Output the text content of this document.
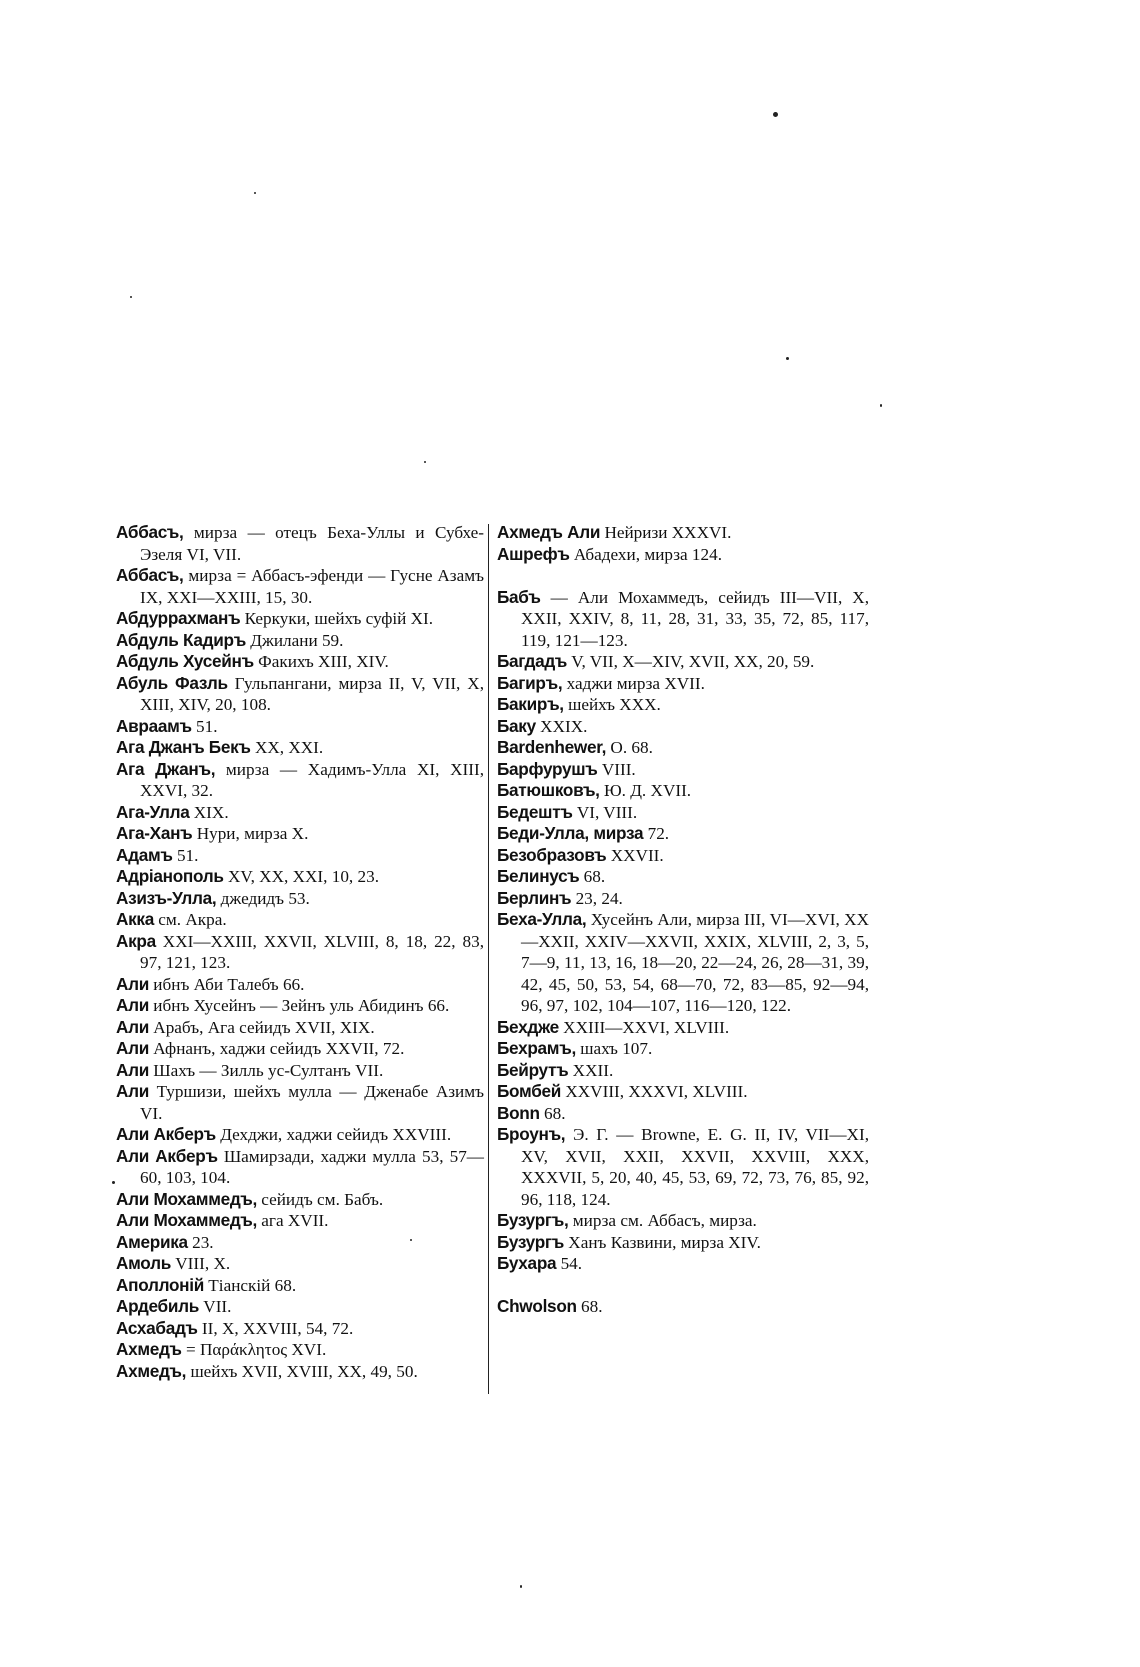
Аббасъ, мирза — отецъ Беха-Уллы и Субхе-Эзеля VI, VII.

Аббасъ, мирза = Аббасъ-эфенди — Гусне Азамъ IX, XXI—XXIII, 15, 30.

Абдуррахманъ Керкуки, шейхъ суфій XI.

Абдуль Кадиръ Джилани 59.

Абдуль Хусейнъ Факихъ XIII, XIV.

Абуль Фазль Гульпангани, мирза II, V, VII, X, XIII, XIV, 20, 108.

Авраамъ 51.

Ага Джанъ Бекъ XX, XXI.

Ага Джанъ, мирза — Хадимъ-Улла XI, XIII, XXVI, 32.

Ага-Улла XIX.

Ага-Ханъ Нури, мирза X.

Адамъ 51.

Адріанополь XV, XX, XXI, 10, 23.

Азизъ-Улла, джедидъ 53.

Акка см. Акра.

Акра XXI—XXIII, XXVII, XLVIII, 8, 18, 22, 83, 97, 121, 123.

Али ибнъ Аби Талебъ 66.

Али ибнъ Хусейнъ — Зейнъ уль Абидинъ 66.

Али Арабъ, Ага сейидъ XVII, XIX.

Али Афнанъ, хаджи сейидъ XXVII, 72.

Али Шахъ — Зилль ус-Султанъ VII.

Али Туршизи, шейхъ мулла — Дженабе Азимъ VI.

Али Акберъ Дехджи, хаджи сейидъ XXVIII.

Али Акберъ Шамирзади, хаджи мулла 53, 57—60, 103, 104.

Али Мохаммедъ, сейидъ см. Бабъ.

Али Мохаммедъ, ага XVII.

Америка 23.

Амоль VIII, X.

Аполлоній Тіанскій 68.

Ардебиль VII.

Асхабадъ II, X, XXVIII, 54, 72.

Ахмедъ = Παράκλητος XVI.

Ахмедъ, шейхъ XVII, XVIII, XX, 49, 50.

Ахмедъ Али Нейризи XXXVI.

Ашрефъ Абадехи, мирза 124.

Бабъ — Али Мохаммедъ, сейидъ III—VII, X, XXII, XXIV, 8, 11, 28, 31, 33, 35, 72, 85, 117, 119, 121—123.

Багдадъ V, VII, X—XIV, XVII, XX, 20, 59.

Багиръ, хаджи мирза XVII.

Бакиръ, шейхъ XXX.

Баку XXIX.

Bardenhewer, O. 68.

Барфурушъ VIII.

Батюшковъ, Ю. Д. XVII.

Бедештъ VI, VIII.

Беди-Улла, мирза 72.

Безобразовъ XXVII.

Белинусъ 68.

Берлинъ 23, 24.

Беха-Улла, Хусейнъ Али, мирза III, VI—XVI, XX—XXII, XXIV—XXVII, XXIX, XLVIII, 2, 3, 5, 7—9, 11, 13, 16, 18—20, 22—24, 26, 28—31, 39, 42, 45, 50, 53, 54, 68—70, 72, 83—85, 92—94, 96, 97, 102, 104—107, 116—120, 122.

Бехдже XXIII—XXVI, XLVIII.

Бехрамъ, шахъ 107.

Бейрутъ XXII.

Бомбей XXVIII, XXXVI, XLVIII.

Bonn 68.

Броунъ, Э. Г. — Browne, E. G. II, IV, VII—XI, XV, XVII, XXII, XXVII, XXVIII, XXX, XXXVII, 5, 20, 40, 45, 53, 69, 72, 73, 76, 85, 92, 96, 118, 124.

Бузургъ, мирза см. Аббасъ, мирза.

Бузургъ Ханъ Казвини, мирза XIV.

Бухара 54.

Chwolson 68.
